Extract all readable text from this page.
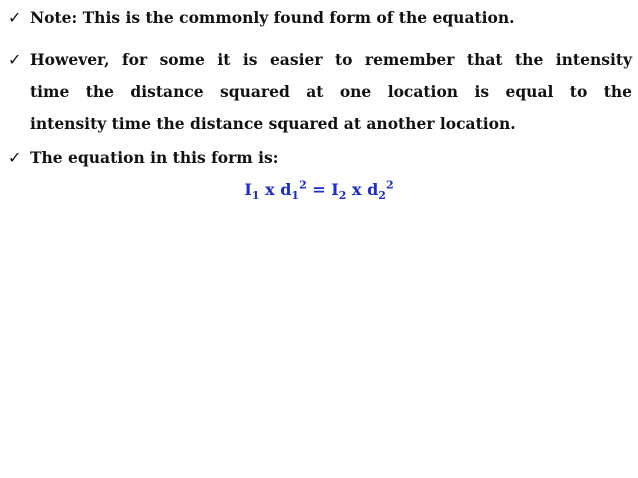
✓ Note: This is the commonly found form of the equation.
✓ However, for some it is easier to remember that the intensity
time the distance squared at one location is equal to the
intensity time the distance squared at another location.
✓ The equation in this form is:
$I_1$ x $d_1^2 = I_2$ x $d_2^2$
